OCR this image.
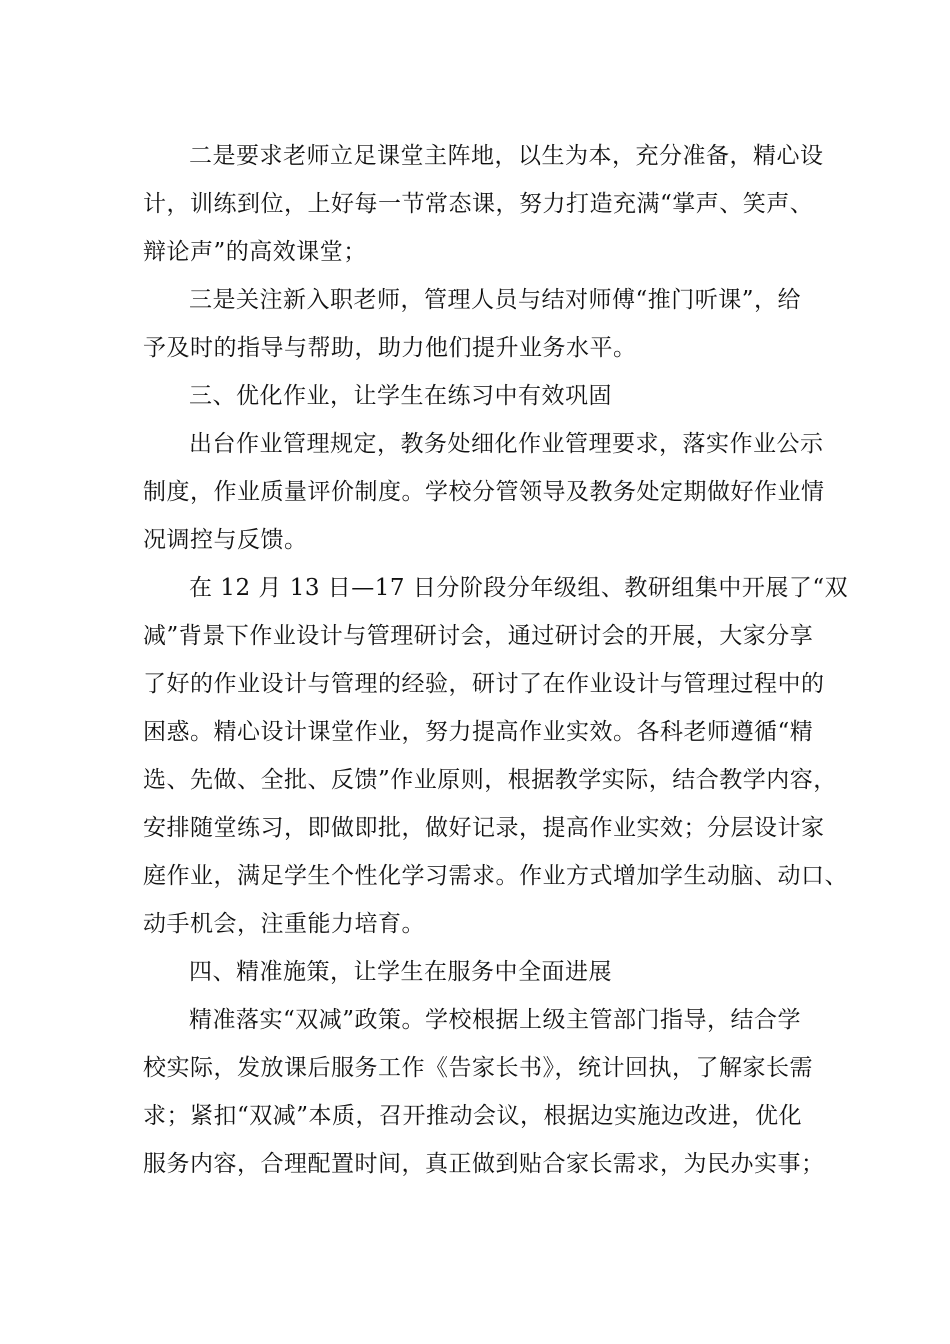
二是要求老师立足课堂主阵地，以生为本，充分准备，精心设
计，训练到位，上好每一节常态课，努力打造充满“掌声、笑声、
辩论声”的高效课堂；

三是关注新入职老师，管理人员与结对师傅“推门听课”，给
予及时的指导与帮助，助力他们提升业务水平。

三、优化作业，让学生在练习中有效巩固

出台作业管理规定，教务处细化作业管理要求，落实作业公示
制度，作业质量评价制度。学校分管领导及教务处定期做好作业情
况调控与反馈。

在 12 月 13 日—17 日分阶段分年级组、教研组集中开展了“双
减”背景下作业设计与管理研讨会，通过研讨会的开展，大家分享
了好的作业设计与管理的经验，研讨了在作业设计与管理过程中的
困惑。精心设计课堂作业，努力提高作业实效。各科老师遵循“精
选、先做、全批、反馈”作业原则，根据教学实际，结合教学内容，
安排随堂练习，即做即批，做好记录，提高作业实效；分层设计家
庭作业，满足学生个性化学习需求。作业方式增加学生动脑、动口、
动手机会，注重能力培育。

四、精准施策，让学生在服务中全面进展

精准落实“双减”政策。学校根据上级主管部门指导，结合学
校实际，发放课后服务工作《告家长书》，统计回执，了解家长需
求；紧扣“双减”本质，召开推动会议，根据边实施边改进，优化
服务内容，合理配置时间，真正做到贴合家长需求，为民办实事；
